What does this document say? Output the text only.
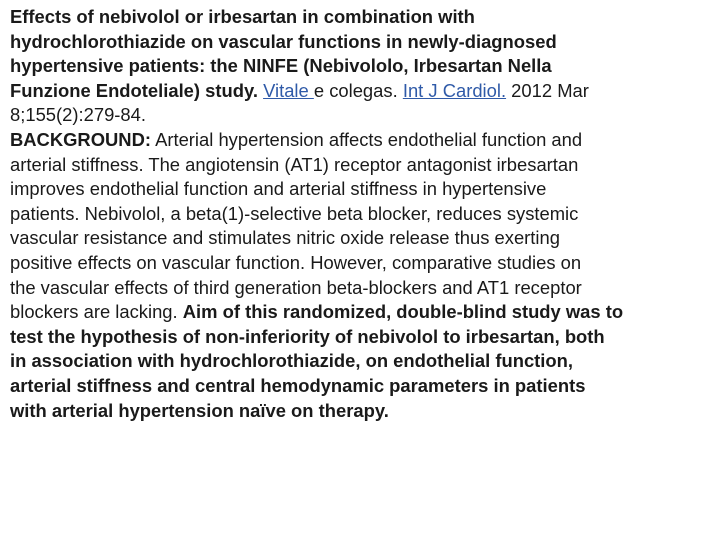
Effects of nebivolol or irbesartan in combination with
hydrochlorothiazide on vascular functions in newly-diagnosed
hypertensive patients: the NINFE (Nebivololo, Irbesartan Nella
Funzione Endoteliale) study. Vitale e colegas. Int J Cardiol. 2012 Mar
8;155(2):279-84.
BACKGROUND: Arterial hypertension affects endothelial function and
arterial stiffness. The angiotensin (AT1) receptor antagonist irbesartan
improves endothelial function and arterial stiffness in hypertensive
patients. Nebivolol, a beta(1)-selective beta blocker, reduces systemic
vascular resistance and stimulates nitric oxide release thus exerting
positive effects on vascular function. However, comparative studies on
the vascular effects of third generation beta-blockers and AT1 receptor
blockers are lacking. Aim of this randomized, double-blind study was to
test the hypothesis of non-inferiority of nebivolol to irbesartan, both
in association with hydrochlorothiazide, on endothelial function,
arterial stiffness and central hemodynamic parameters in patients
with arterial hypertension naïve on therapy.
